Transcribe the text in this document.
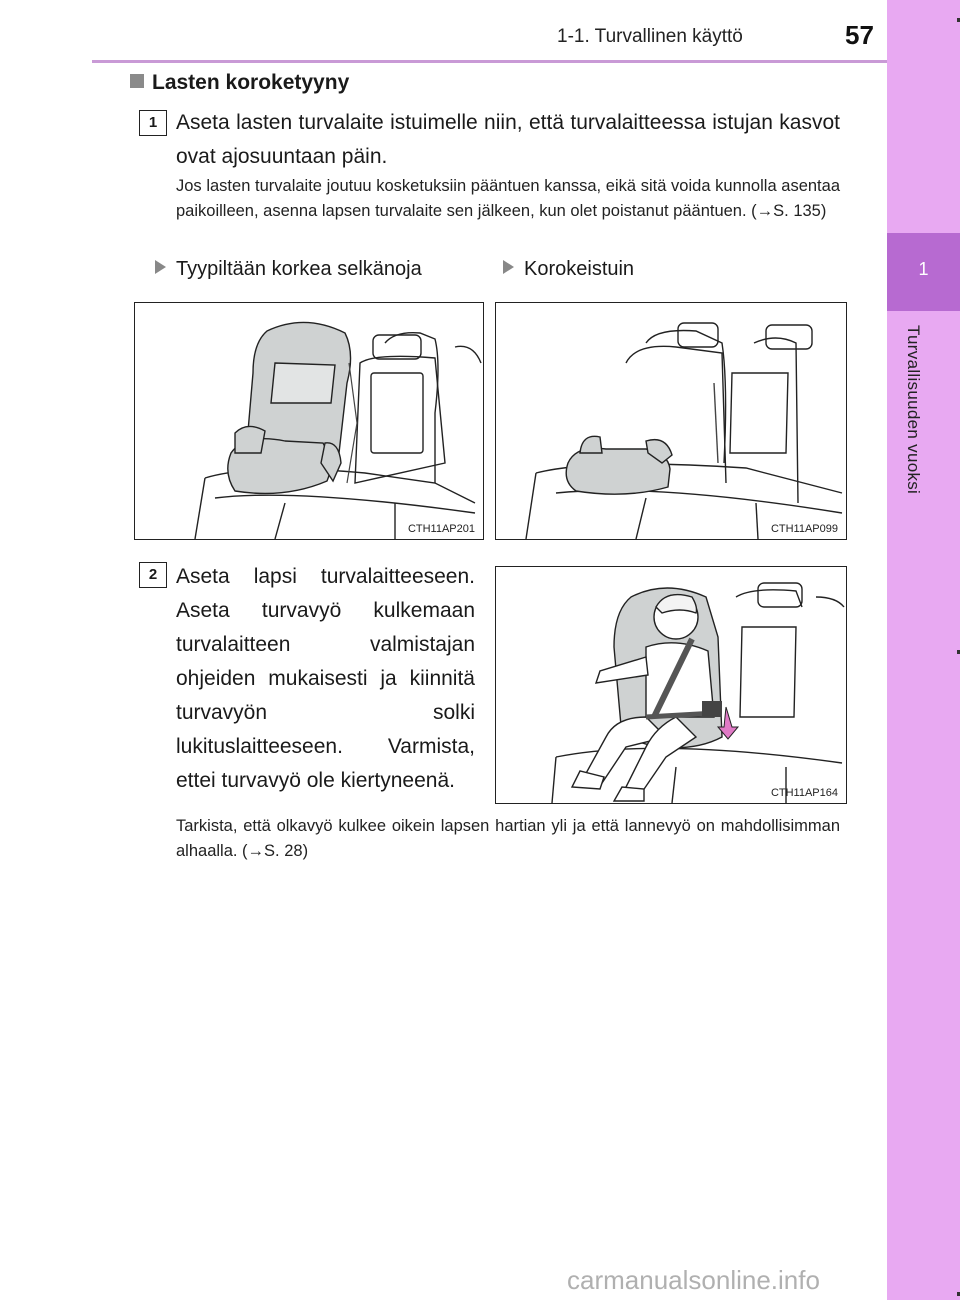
1-1. Turvallinen käyttö	57
1
Turvallisuuden vuoksi
Lasten koroketyyny
1 Aseta lasten turvalaite istuimelle niin, että turvalaitteessa istujan kasvot ovat ajosuuntaan päin.
Jos lasten turvalaite joutuu kosketuksiin pääntuen kanssa, eikä sitä voida kunnolla asentaa paikoilleen, asenna lapsen turvalaite sen jälkeen, kun olet poistanut pääntuen. (→S. 135)
Tyypiltään korkea selkänoja	Korokeistuin
CTH11AP201	CTH11AP099
2 Aseta lapsi turvalaitteeseen. Aseta turvavyö kulkemaan turvalaitteen valmistajan ohjeiden mukaisesti ja kiinnitä turvavyön solki lukituslaitteeseen. Varmista, ettei turvavyö ole kiertyneenä.
CTH11AP164
Tarkista, että olkavyö kulkee oikein lapsen hartian yli ja että lannevyö on mahdollisimman alhaalla. (→S. 28)
carmanualsonline.info
